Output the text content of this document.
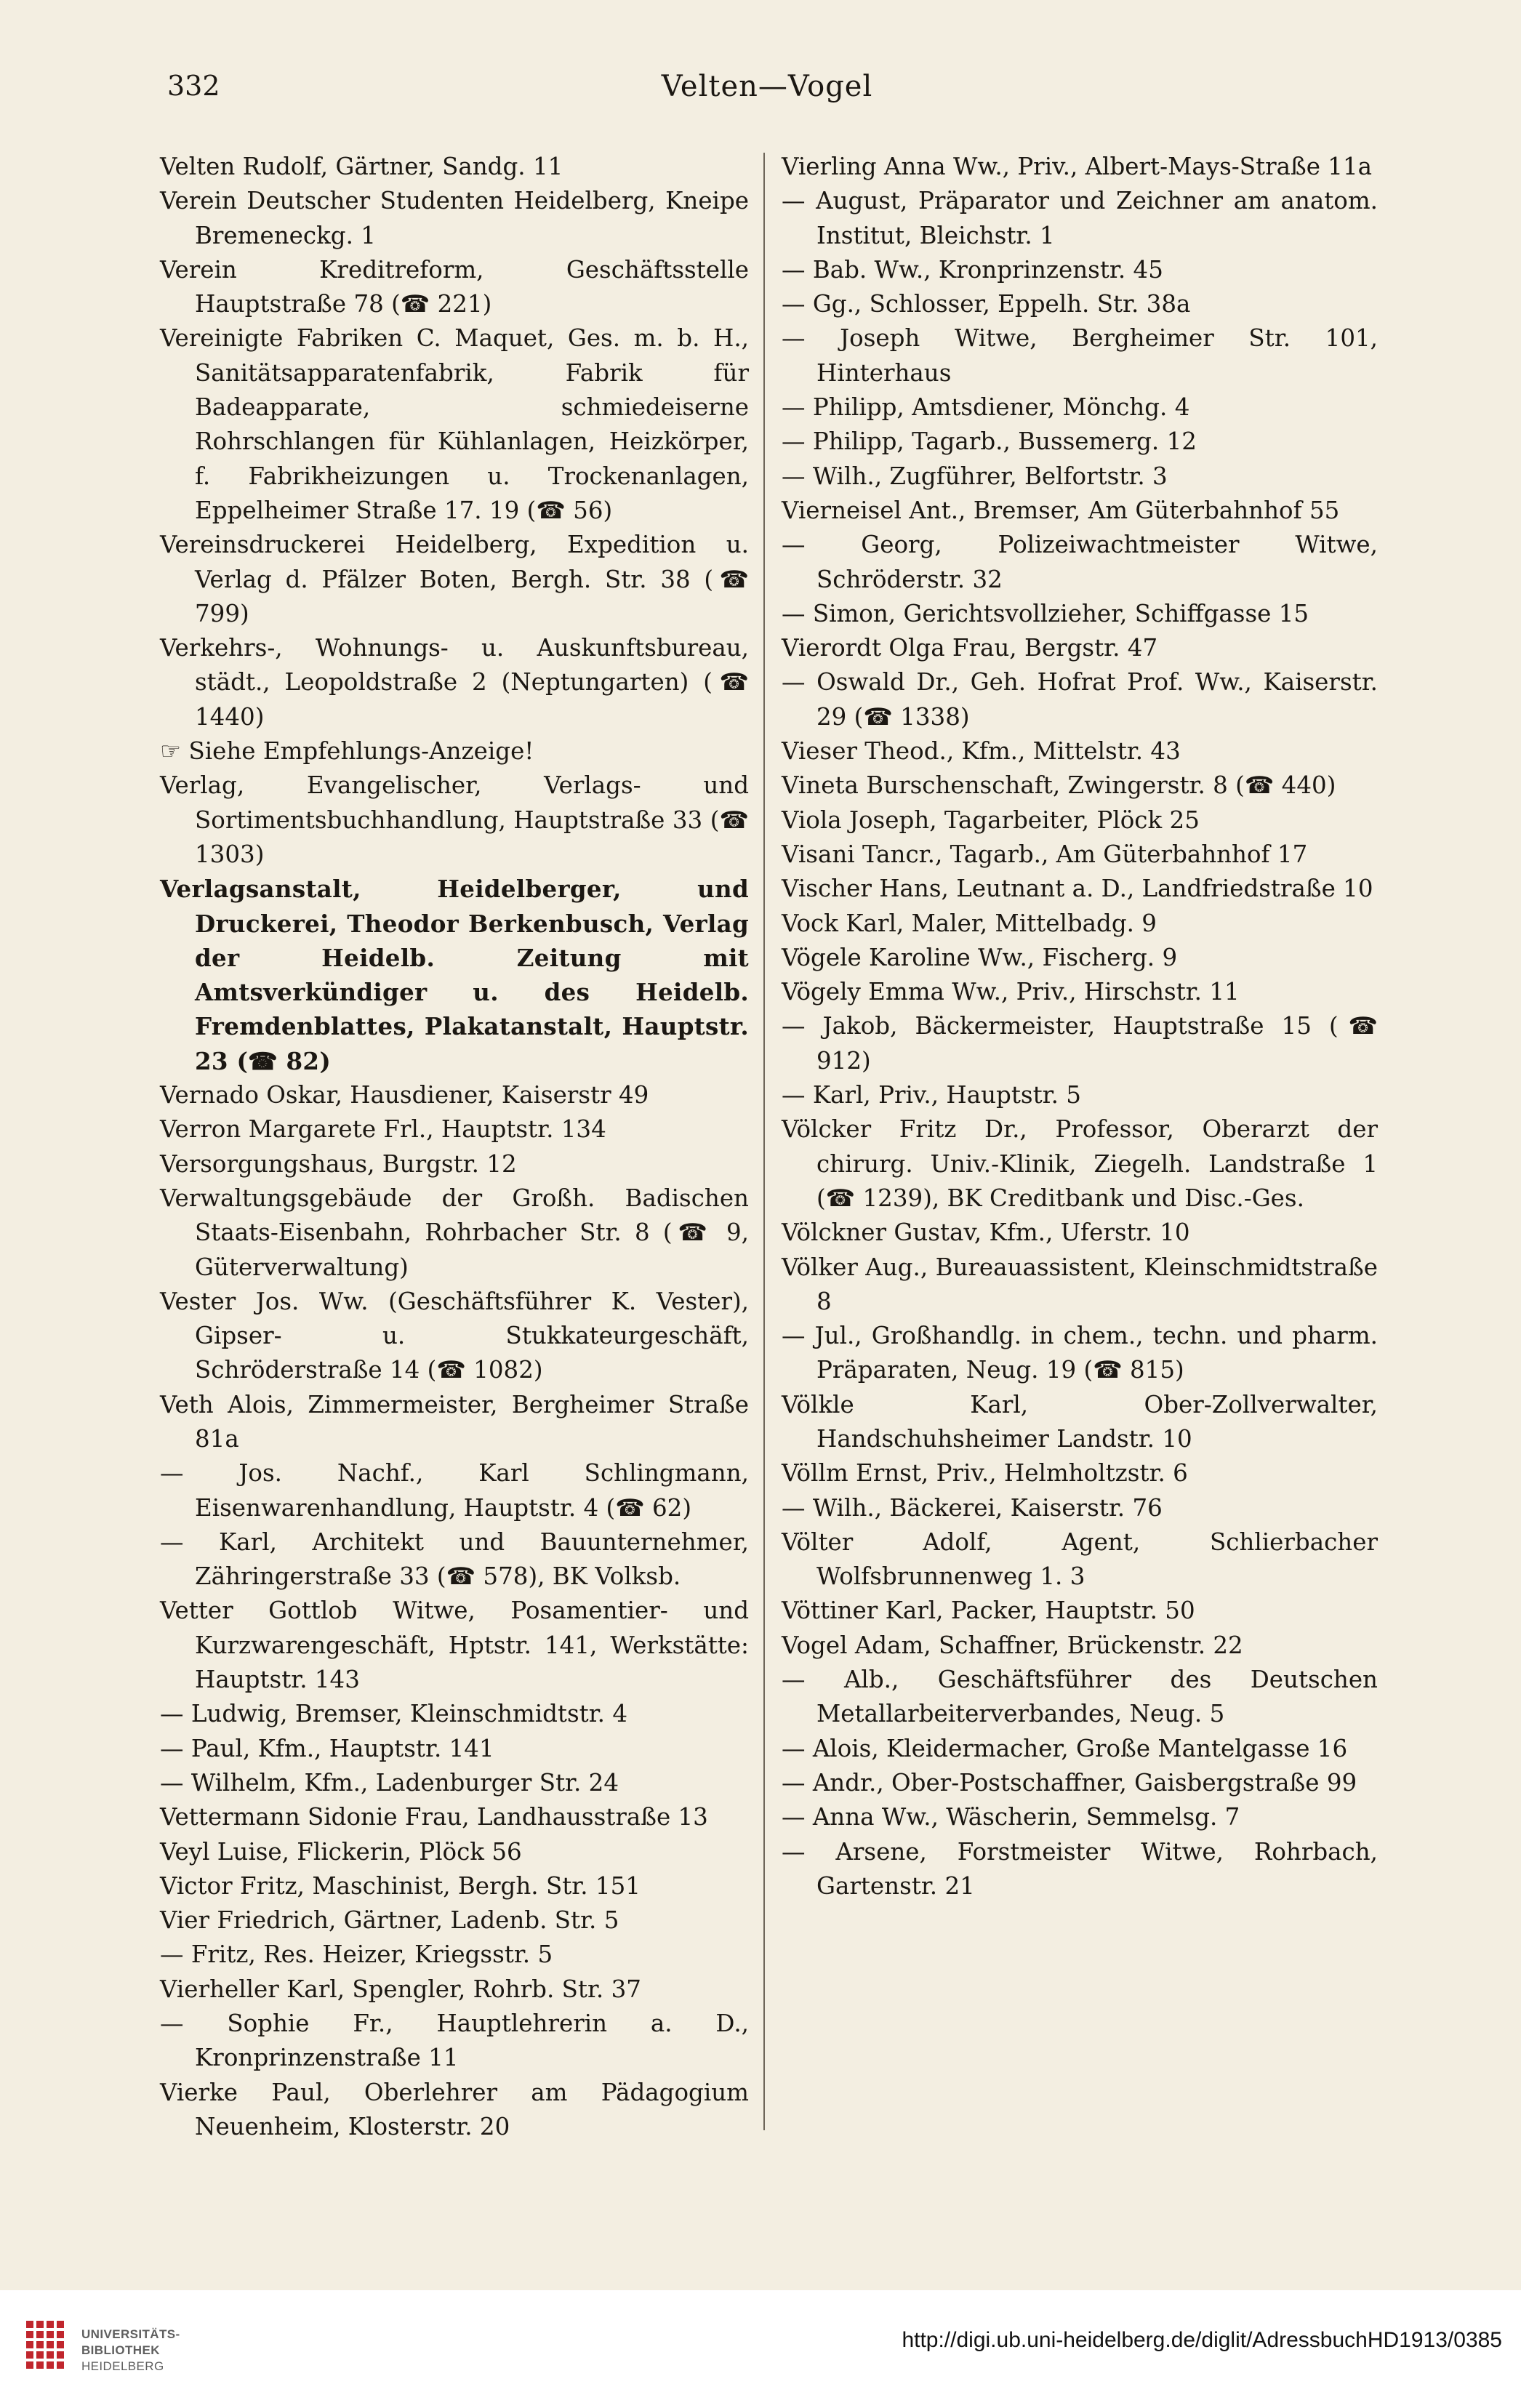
332	Velten—Vogel

Velten Rudolf, Gärtner, Sandg. 11

Verein Deutscher Studenten Heidelberg, Kneipe Bremeneckg. 1

Verein Kreditreform, Geschäftsstelle Hauptstraße 78 (☎ 221)

Vereinigte Fabriken C. Maquet, Ges. m. b. H., Sanitätsapparatenfabrik, Fabrik für Badeapparate, schmiedeiserne Rohrschlangen für Kühlanlagen, Heizkörper, f. Fabrikheizungen u. Trockenanlagen, Eppelheimer Straße 17. 19 (☎ 56)

Vereinsdruckerei Heidelberg, Expedition u. Verlag d. Pfälzer Boten, Bergh. Str. 38 (☎ 799)

Verkehrs-, Wohnungs- u. Auskunftsbureau, städt., Leopoldstraße 2 (Neptungarten) (☎ 1440)

☞ Siehe Empfehlungs-Anzeige!

Verlag, Evangelischer, Verlags- und Sortimentsbuchhandlung, Hauptstraße 33 (☎ 1303)

Verlagsanstalt, Heidelberger, und Druckerei, Theodor Berkenbusch, Verlag der Heidelb. Zeitung mit Amtsverkündiger u. des Heidelb. Fremdenblattes, Plakatanstalt, Hauptstr. 23 (☎ 82)

Vernado Oskar, Hausdiener, Kaiserstr 49

Verron Margarete Frl., Hauptstr. 134

Versorgungshaus, Burgstr. 12

Verwaltungsgebäude der Großh. Badischen Staats-Eisenbahn, Rohrbacher Str. 8 (☎ 9, Güterverwaltung)

Vester Jos. Ww. (Geschäftsführer K. Vester), Gipser- u. Stukkateurgeschäft, Schröderstraße 14 (☎ 1082)

Veth Alois, Zimmermeister, Bergheimer Straße 81a

— Jos. Nachf., Karl Schlingmann, Eisenwarenhandlung, Hauptstr. 4 (☎ 62)

— Karl, Architekt und Bauunternehmer, Zähringerstraße 33 (☎ 578), BK Volksb.

Vetter Gottlob Witwe, Posamentier- und Kurzwarengeschäft, Hptstr. 141, Werkstätte: Hauptstr. 143

— Ludwig, Bremser, Kleinschmidtstr. 4

— Paul, Kfm., Hauptstr. 141

— Wilhelm, Kfm., Ladenburger Str. 24

Vettermann Sidonie Frau, Landhausstraße 13

Veyl Luise, Flickerin, Plöck 56

Victor Fritz, Maschinist, Bergh. Str. 151

Vier Friedrich, Gärtner, Ladenb. Str. 5

— Fritz, Res. Heizer, Kriegsstr. 5

Vierheller Karl, Spengler, Rohrb. Str. 37

— Sophie Fr., Hauptlehrerin a. D., Kronprinzenstraße 11

Vierke Paul, Oberlehrer am Pädagogium Neuenheim, Klosterstr. 20

Vierling Anna Ww., Priv., Albert-Mays-Straße 11a

— August, Präparator und Zeichner am anatom. Institut, Bleichstr. 1

— Bab. Ww., Kronprinzenstr. 45

— Gg., Schlosser, Eppelh. Str. 38a

— Joseph Witwe, Bergheimer Str. 101, Hinterhaus

— Philipp, Amtsdiener, Mönchg. 4

— Philipp, Tagarb., Bussemerg. 12

— Wilh., Zugführer, Belfortstr. 3

Vierneisel Ant., Bremser, Am Güterbahnhof 55

— Georg, Polizeiwachtmeister Witwe, Schröderstr. 32

— Simon, Gerichtsvollzieher, Schiffgasse 15

Vierordt Olga Frau, Bergstr. 47

— Oswald Dr., Geh. Hofrat Prof. Ww., Kaiserstr. 29 (☎ 1338)

Vieser Theod., Kfm., Mittelstr. 43

Vineta Burschenschaft, Zwingerstr. 8 (☎ 440)

Viola Joseph, Tagarbeiter, Plöck 25

Visani Tancr., Tagarb., Am Güterbahnhof 17

Vischer Hans, Leutnant a. D., Landfriedstraße 10

Vock Karl, Maler, Mittelbadg. 9

Vögele Karoline Ww., Fischerg. 9

Vögely Emma Ww., Priv., Hirschstr. 11

— Jakob, Bäckermeister, Hauptstraße 15 (☎ 912)

— Karl, Priv., Hauptstr. 5

Völcker Fritz Dr., Professor, Oberarzt der chirurg. Univ.-Klinik, Ziegelh. Landstraße 1 (☎ 1239), BK Creditbank und Disc.-Ges.

Völckner Gustav, Kfm., Uferstr. 10

Völker Aug., Bureauassistent, Kleinschmidtstraße 8

— Jul., Großhandlg. in chem., techn. und pharm. Präparaten, Neug. 19 (☎ 815)

Völkle Karl, Ober-Zollverwalter, Handschuhsheimer Landstr. 10

Völlm Ernst, Priv., Helmholtzstr. 6

— Wilh., Bäckerei, Kaiserstr. 76

Völter Adolf, Agent, Schlierbacher Wolfsbrunnenweg 1. 3

Vöttiner Karl, Packer, Hauptstr. 50

Vogel Adam, Schaffner, Brückenstr. 22

— Alb., Geschäftsführer des Deutschen Metallarbeiterverbandes, Neug. 5

— Alois, Kleidermacher, Große Mantelgasse 16

— Andr., Ober-Postschaffner, Gaisbergstraße 99

— Anna Ww., Wäscherin, Semmelsg. 7

— Arsene, Forstmeister Witwe, Rohrbach, Gartenstr. 21

UNIVERSITÄTS-
BIBLIOTHEK
HEIDELBERG
http://digi.ub.uni-heidelberg.de/diglit/AdressbuchHD1913/0385
